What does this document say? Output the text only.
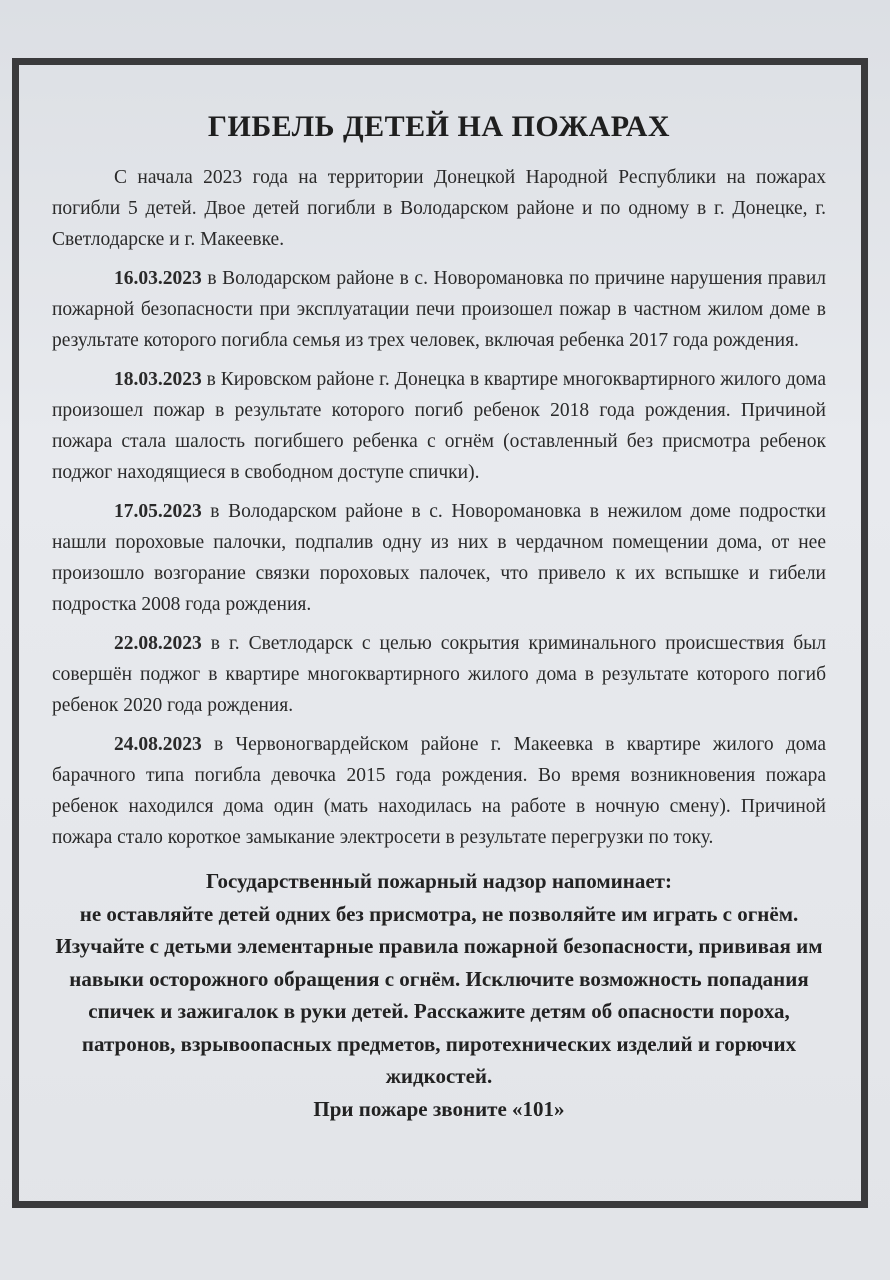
ГИБЕЛЬ ДЕТЕЙ НА ПОЖАРАХ

С начала 2023 года на территории Донецкой Народной Республики на пожарах погибли 5 детей. Двое детей погибли в Володарском районе и по одному в г. Донецке, г. Светлодарске и г. Макеевке.

16.03.2023 в Володарском районе в с. Новоромановка по причине нарушения правил пожарной безопасности при эксплуатации печи произошел пожар в частном жилом доме в результате которого погибла семья из трех человек, включая ребенка 2017 года рождения.

18.03.2023 в Кировском районе г. Донецка в квартире многоквартирного жилого дома произошел пожар в результате которого погиб ребенок 2018 года рождения. Причиной пожара стала шалость погибшего ребенка с огнём (оставленный без присмотра ребенок поджог находящиеся в свободном доступе спички).

17.05.2023 в Володарском районе в с. Новоромановка в нежилом доме подростки нашли пороховые палочки, подпалив одну из них в чердачном помещении дома, от нее произошло возгорание связки пороховых палочек, что привело к их вспышке и гибели подростка 2008 года рождения.

22.08.2023 в г. Светлодарск с целью сокрытия криминального происшествия был совершён поджог в квартире многоквартирного жилого дома в результате которого погиб ребенок 2020 года рождения.

24.08.2023 в Червоногвардейском районе г. Макеевка в квартире жилого дома барачного типа погибла девочка 2015 года рождения. Во время возникновения пожара ребенок находился дома один (мать находилась на работе в ночную смену). Причиной пожара стало короткое замыкание электросети в результате перегрузки по току.

Государственный пожарный надзор напоминает:

не оставляйте детей одних без присмотра, не позволяйте им играть с огнём. Изучайте с детьми элементарные правила пожарной безопасности, прививая им навыки осторожного обращения с огнём. Исключите возможность попадания спичек и зажигалок в руки детей. Расскажите детям об опасности пороха, патронов, взрывоопасных предметов, пиротехнических изделий и горючих жидкостей.

При пожаре звоните «101»
